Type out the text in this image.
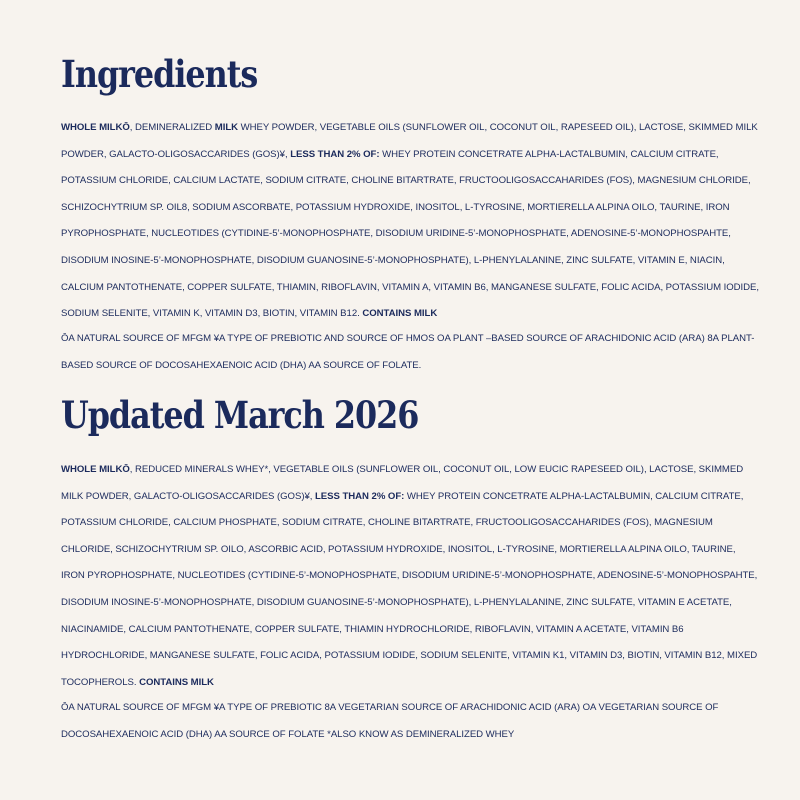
Ingredients

WHOLE MILKŌ, DEMINERALIZED MILK WHEY POWDER, VEGETABLE OILS (SUNFLOWER OIL, COCONUT OIL, RAPESEED OIL), LACTOSE, SKIMMED MILK POWDER, GALACTO-OLIGOSACCARIDES (GOS)¥, LESS THAN 2% OF: WHEY PROTEIN CONCETRATE ALPHA-LACTALBUMIN, CALCIUM CITRATE, POTASSIUM CHLORIDE, CALCIUM LACTATE, SODIUM CITRATE, CHOLINE BITARTRATE, FRUCTOOLIGOSACCAHARIDES (FOS), MAGNESIUM CHLORIDE, SCHIZOCHYTRIUM SP. OIL8, SODIUM ASCORBATE, POTASSIUM HYDROXIDE, INOSITOL, L-TYROSINE, MORTIERELLA ALPINA OILO, TAURINE, IRON PYROPHOSPHATE, NUCLEOTIDES (CYTIDINE-5’-MONOPHOSPHATE, DISODIUM URIDINE-5’-MONOPHOSPHATE, ADENOSINE-5’-MONOPHOSPAHTE, DISODIUM INOSINE-5’-MONOPHOSPHATE, DISODIUM GUANOSINE-5’-MONOPHOSPHATE), L-PHENYLALANINE, ZINC SULFATE, VITAMIN E, NIACIN, CALCIUM PANTOTHENATE, COPPER SULFATE, THIAMIN, RIBOFLAVIN, VITAMIN A, VITAMIN B6, MANGANESE SULFATE, FOLIC ACIDA, POTASSIUM IODIDE, SODIUM SELENITE, VITAMIN K, VITAMIN D3, BIOTIN, VITAMIN B12. CONTAINS MILK

ŌA NATURAL SOURCE OF MFGM ¥A TYPE OF PREBIOTIC AND SOURCE OF HMOS OA PLANT –BASED SOURCE OF ARACHIDONIC ACID (ARA) 8A PLANT-BASED SOURCE OF DOCOSAHEXAENOIC ACID (DHA) AA SOURCE OF FOLATE.

Updated March 2026

WHOLE MILKŌ, REDUCED MINERALS WHEY*, VEGETABLE OILS (SUNFLOWER OIL, COCONUT OIL, LOW EUCIC RAPESEED OIL), LACTOSE, SKIMMED MILK POWDER, GALACTO-OLIGOSACCARIDES (GOS)¥, LESS THAN 2% OF: WHEY PROTEIN CONCETRATE ALPHA-LACTALBUMIN, CALCIUM CITRATE, POTASSIUM CHLORIDE, CALCIUM PHOSPHATE, SODIUM CITRATE, CHOLINE BITARTRATE, FRUCTOOLIGOSACCAHARIDES (FOS), MAGNESIUM CHLORIDE, SCHIZOCHYTRIUM SP. OILO, ASCORBIC ACID, POTASSIUM HYDROXIDE, INOSITOL, L-TYROSINE, MORTIERELLA ALPINA OILO, TAURINE, IRON PYROPHOSPHATE, NUCLEOTIDES (CYTIDINE-5’-MONOPHOSPHATE, DISODIUM URIDINE-5’-MONOPHOSPHATE, ADENOSINE-5’-MONOPHOSPAHTE, DISODIUM INOSINE-5’-MONOPHOSPHATE, DISODIUM GUANOSINE-5’-MONOPHOSPHATE), L-PHENYLALANINE, ZINC SULFATE, VITAMIN E ACETATE, NIACINAMIDE, CALCIUM PANTOTHENATE, COPPER SULFATE, THIAMIN HYDROCHLORIDE, RIBOFLAVIN, VITAMIN A ACETATE, VITAMIN B6 HYDROCHLORIDE, MANGANESE SULFATE, FOLIC ACIDA, POTASSIUM IODIDE, SODIUM SELENITE, VITAMIN K1, VITAMIN D3, BIOTIN, VITAMIN B12, MIXED TOCOPHEROLS. CONTAINS MILK

ŌA NATURAL SOURCE OF MFGM ¥A TYPE OF PREBIOTIC 8A VEGETARIAN SOURCE OF ARACHIDONIC ACID (ARA) OA VEGETARIAN SOURCE OF DOCOSAHEXAENOIC ACID (DHA) AA SOURCE OF FOLATE *ALSO KNOW AS DEMINERALIZED WHEY
